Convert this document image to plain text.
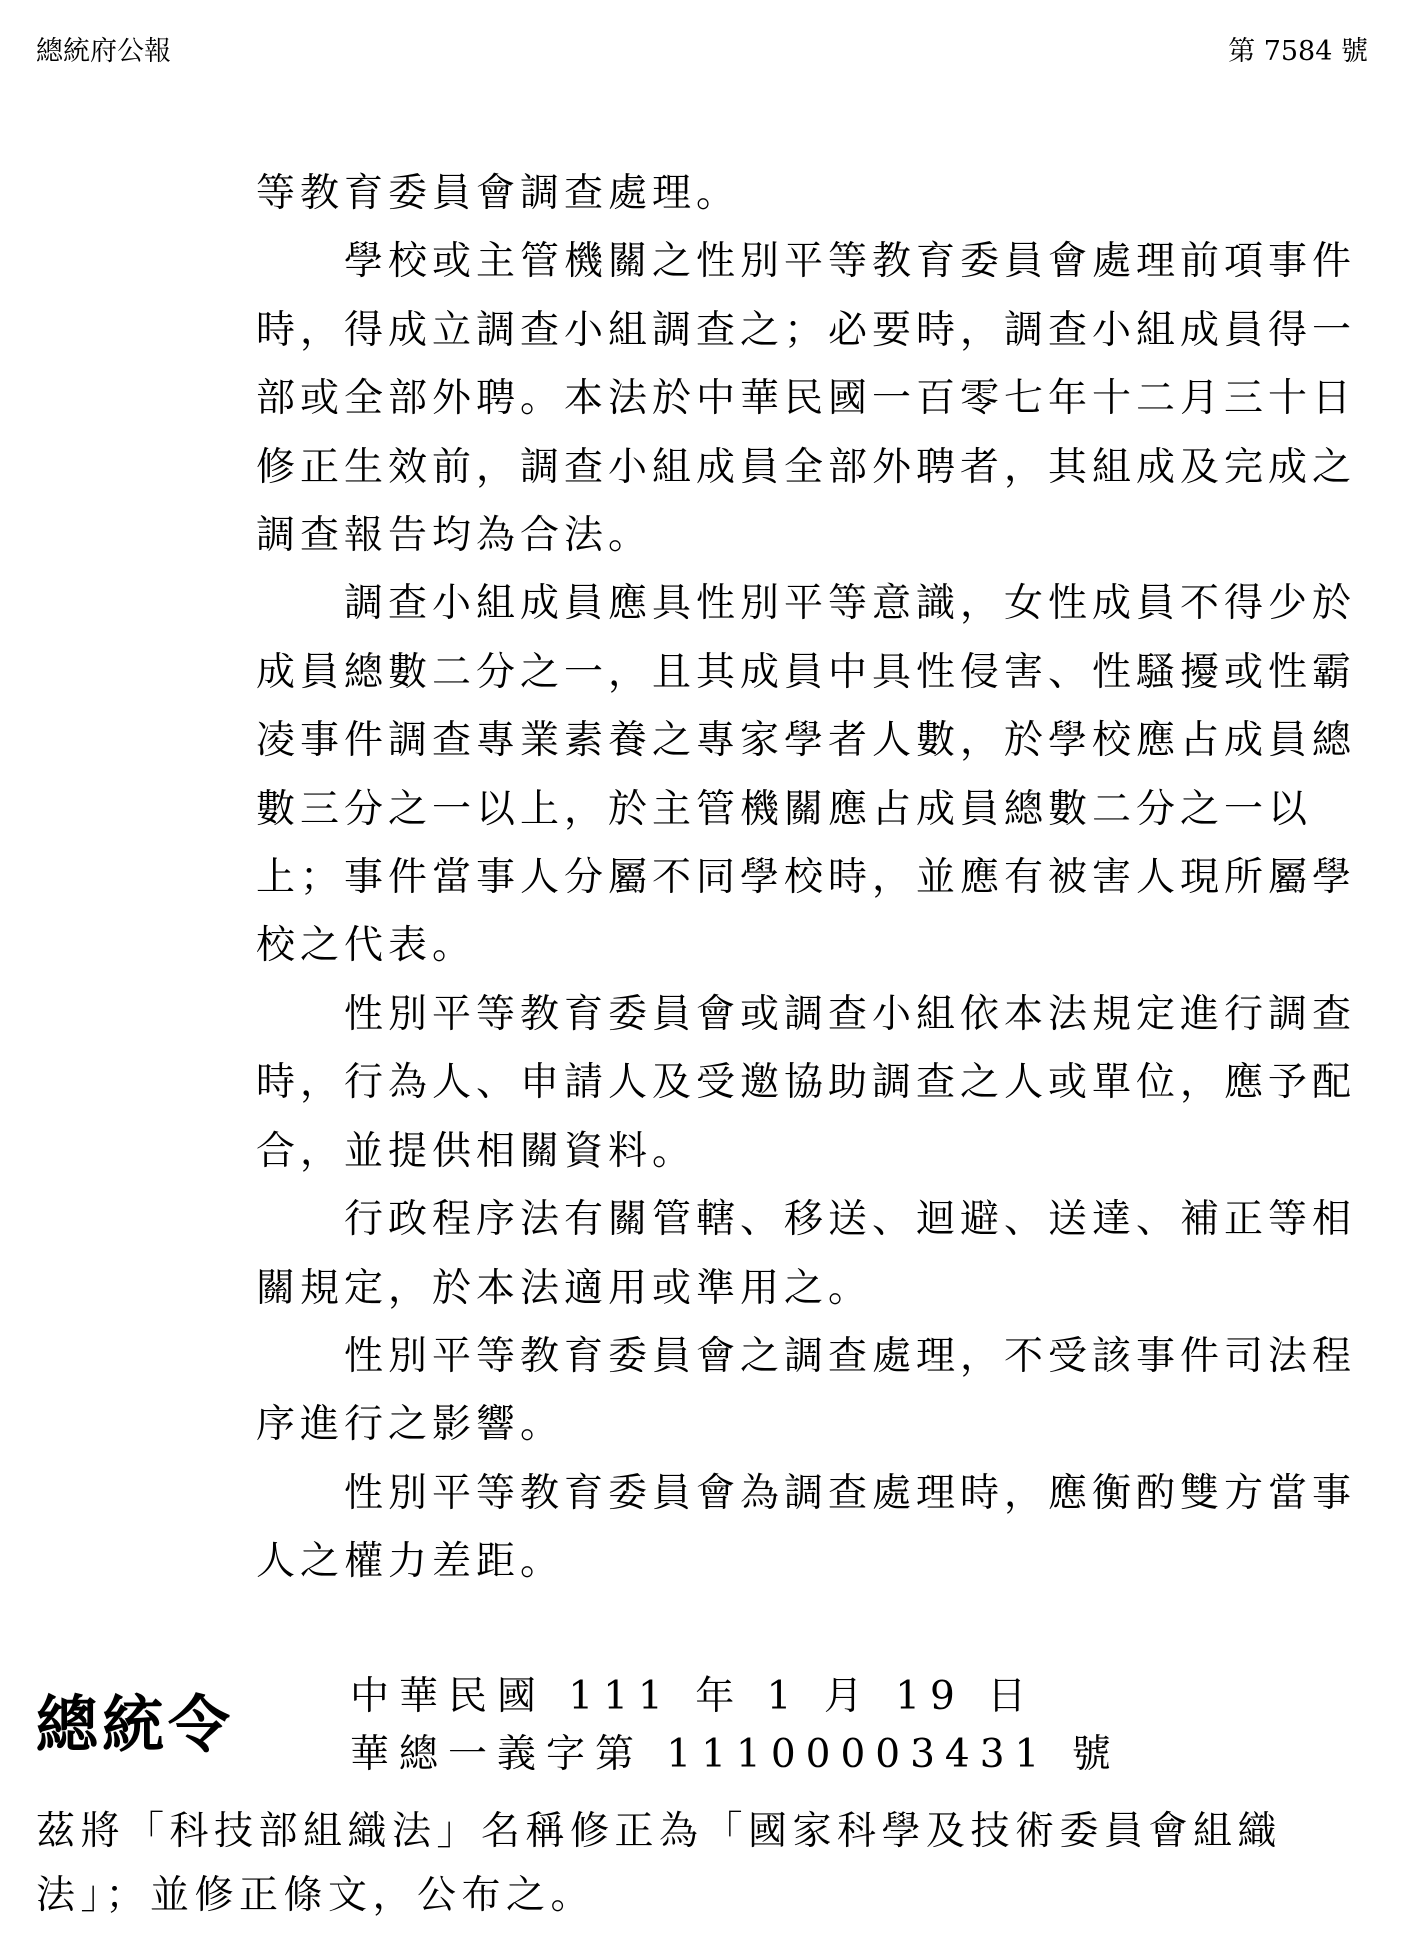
總統府公報	第 7584 號

等教育委員會調查處理。

學校或主管機關之性別平等教育委員會處理前項事件時，得成立調查小組調查之；必要時，調查小組成員得一部或全部外聘。本法於中華民國一百零七年十二月三十日修正生效前，調查小組成員全部外聘者，其組成及完成之調查報告均為合法。

調查小組成員應具性別平等意識，女性成員不得少於成員總數二分之一，且其成員中具性侵害、性騷擾或性霸凌事件調查專業素養之專家學者人數，於學校應占成員總數三分之一以上，於主管機關應占成員總數二分之一以上；事件當事人分屬不同學校時，並應有被害人現所屬學校之代表。

性別平等教育委員會或調查小組依本法規定進行調查時，行為人、申請人及受邀協助調查之人或單位，應予配合，並提供相關資料。

行政程序法有關管轄、移送、迴避、送達、補正等相關規定，於本法適用或準用之。

性別平等教育委員會之調查處理，不受該事件司法程序進行之影響。

性別平等教育委員會為調查處理時，應衡酌雙方當事人之權力差距。

總統令	中華民國 111 年 1 月 19 日
華總一義字第 11100003431 號

茲將「科技部組織法」名稱修正為「國家科學及技術委員會組織法」；並修正條文，公布之。
